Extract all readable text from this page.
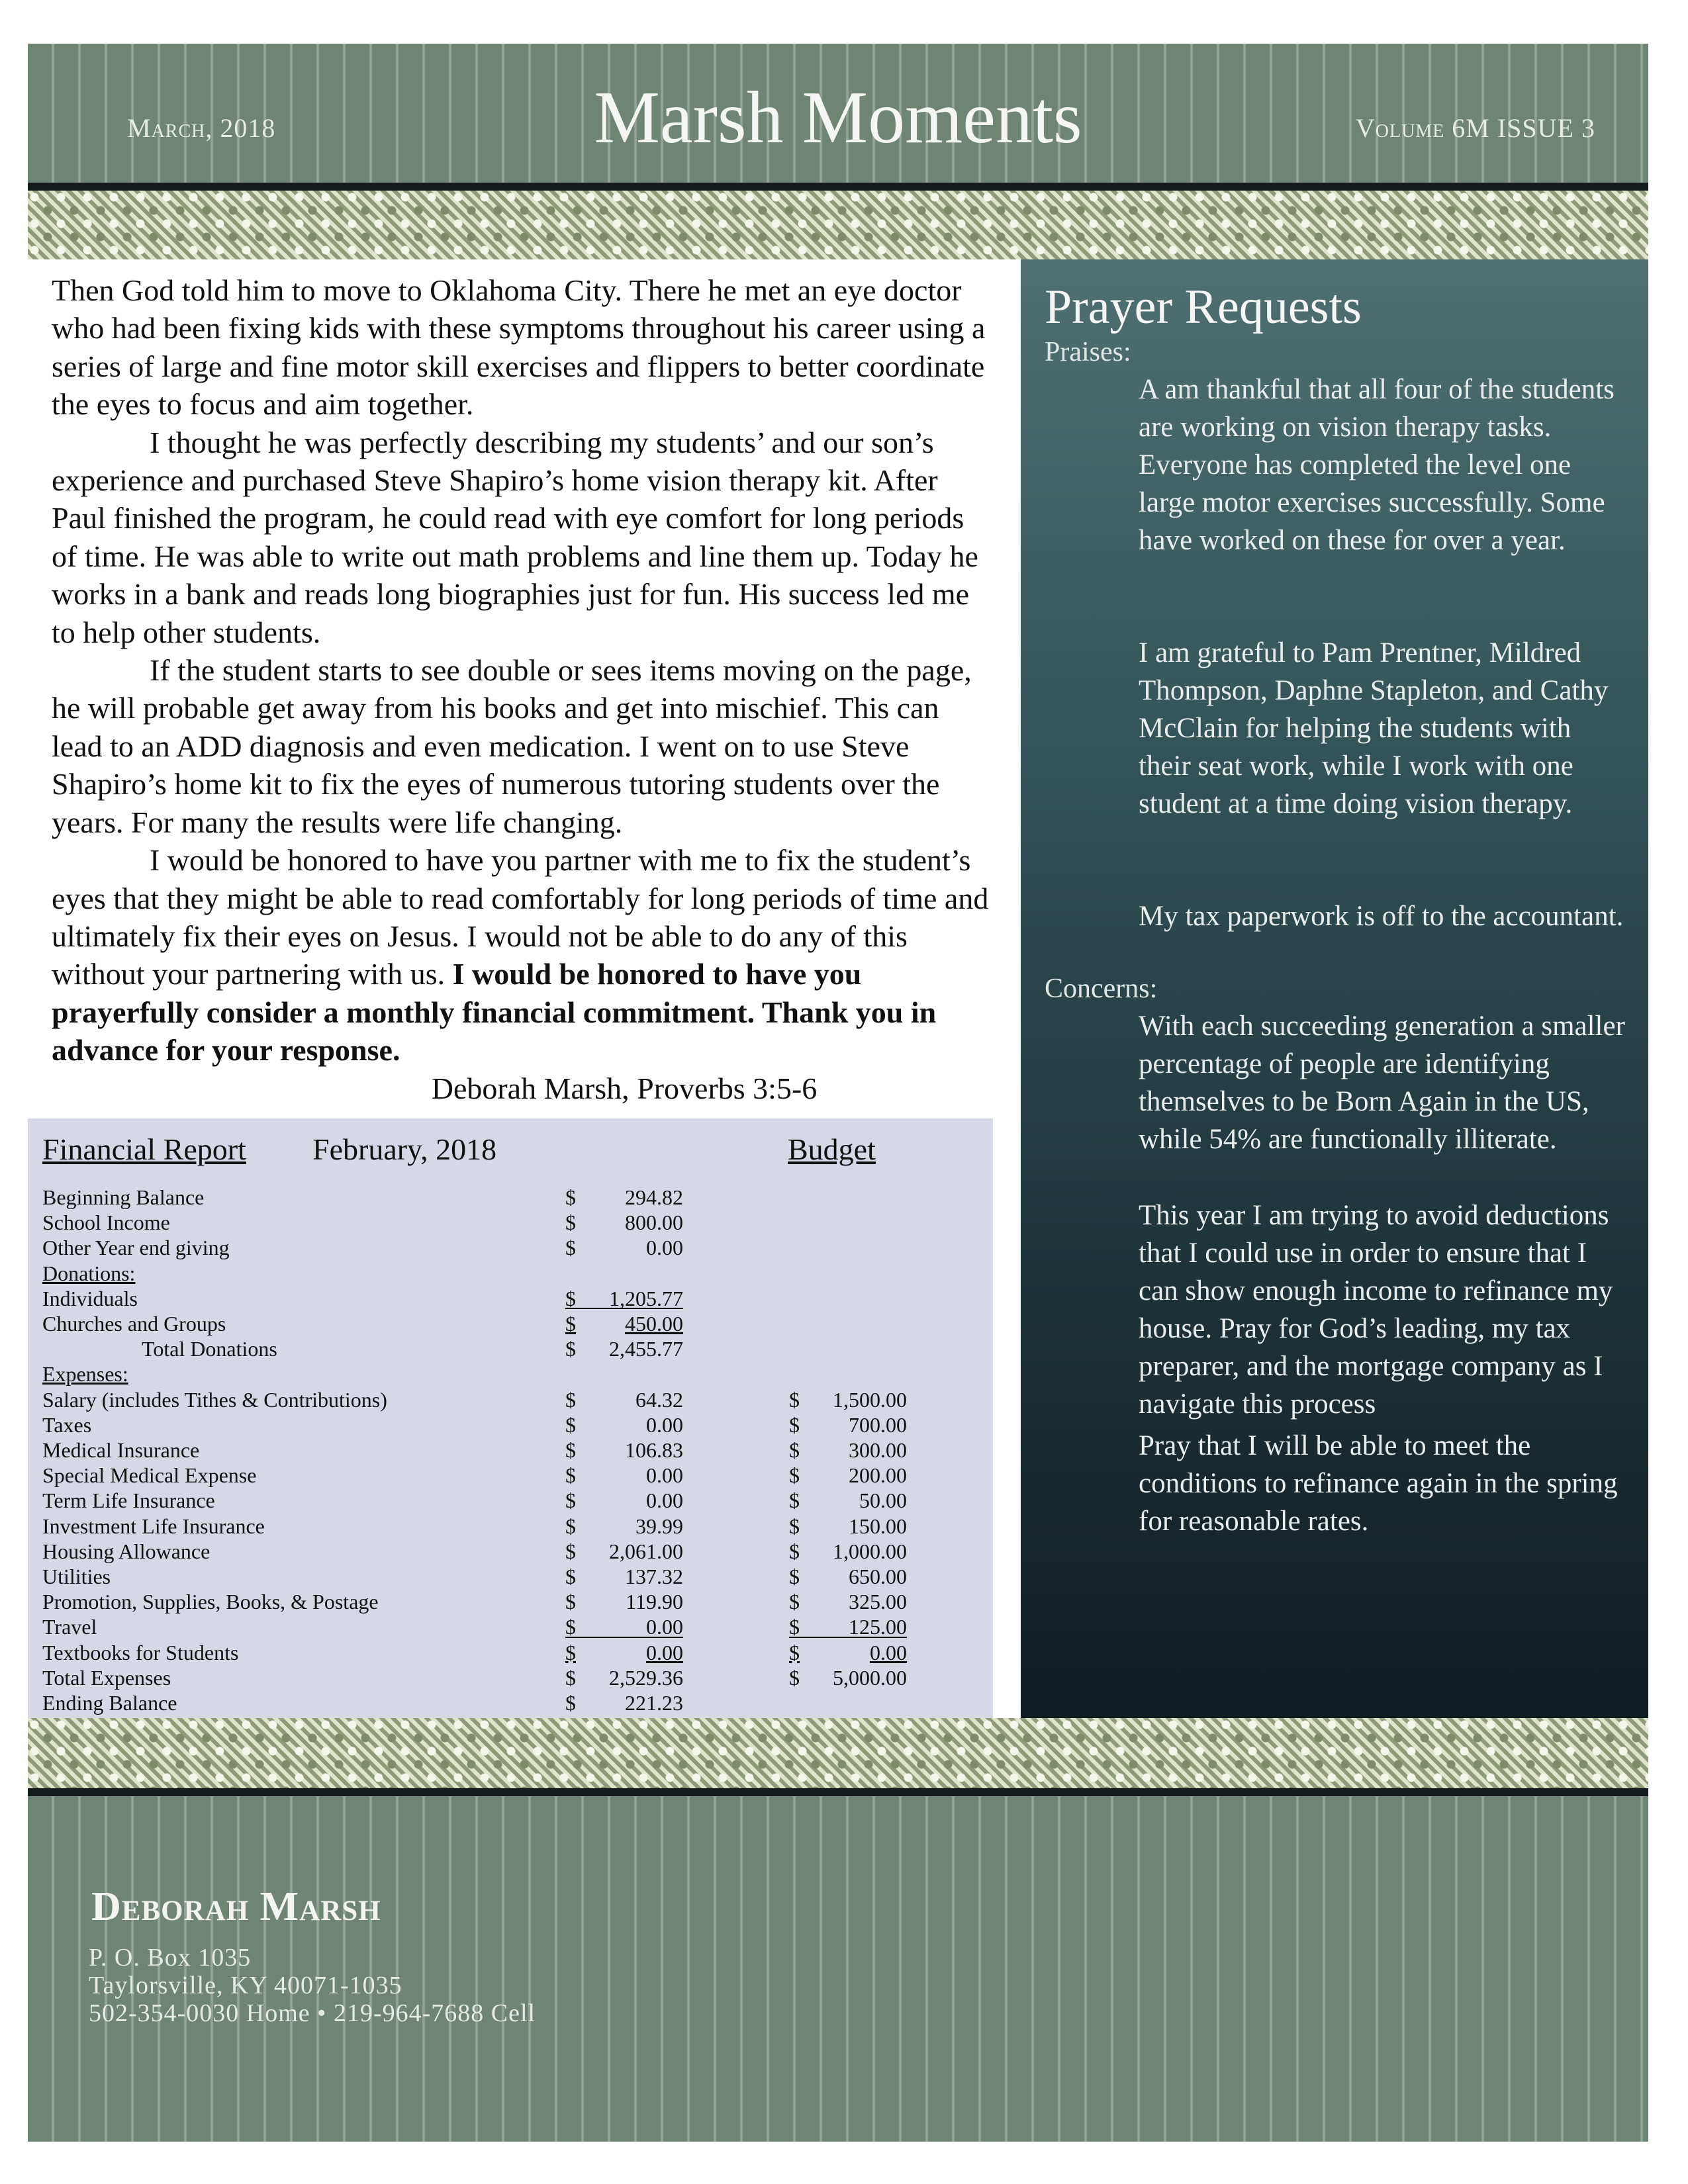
March, 2018	Marsh Moments	Volume 6M ISSUE 3

Then God told him to move to Oklahoma City. There he met an eye doctor who had been fixing kids with these symptoms throughout his career using a series of large and fine motor skill exercises and flippers to better coordinate the eyes to focus and aim together.

I thought he was perfectly describing my students’ and our son’s experience and purchased Steve Shapiro’s home vision therapy kit. After Paul finished the program, he could read with eye comfort for long periods of time. He was able to write out math problems and line them up. Today he works in a bank and reads long biographies just for fun. His success led me to help other students.

If the student starts to see double or sees items moving on the page, he will probable get away from his books and get into mischief. This can lead to an ADD diagnosis and even medication. I went on to use Steve Shapiro’s home kit to fix the eyes of numerous tutoring students over the years. For many the results were life changing.

I would be honored to have you partner with me to fix the student’s eyes that they might be able to read comfortably for long periods of time and ultimately fix their eyes on Jesus. I would not be able to do any of this without your partnering with us. I would be honored to have you prayerfully consider a monthly financial commitment. Thank you in advance for your response.

Deborah Marsh, Proverbs 3:5-6

Financial Report February, 2018	Budget
Beginning Balance	$ 294.82
School Income	$ 800.00
Other Year end giving	$	0.00
Donations:
Individuals	$ 1,205.77
Churches and Groups	$ 450.00
Total Donations	$ 2,455.77
Expenses:
Salary (includes Tithes & Contributions)	$	64.32	$ 1,500.00
Taxes	$	0.00	$ 700.00
Medical Insurance	$ 106.83	$ 300.00
Special Medical Expense	$	0.00	$ 200.00
Term Life Insurance	$	0.00	$	50.00
Investment Life Insurance	$	39.99	$ 150.00
Housing Allowance	$ 2,061.00	$ 1,000.00
Utilities	$ 137.32	$ 650.00
Promotion, Supplies, Books, & Postage	$ 119.90	$ 325.00
Travel	$	0.00	$ 125.00
Textbooks for Students	$	0.00	$	0.00
Total Expenses	$ 2,529.36	$ 5,000.00
Ending Balance	$ 221.23
Prayer Requests
Praises:
A am thankful that all four of the students are working on vision therapy tasks. Everyone has completed the level one large motor exercises successfully. Some have worked on these for over a year.
I am grateful to Pam Prentner, Mildred Thompson, Daphne Stapleton, and Cathy McClain for helping the students with their seat work, while I work with one student at a time doing vision therapy.
My tax paperwork is off to the accountant.
Concerns:
With each succeeding generation a smaller percentage of people are identifying themselves to be Born Again in the US, while 54% are functionally illiterate.
This year I am trying to avoid deductions that I could use in order to ensure that I can show enough income to refinance my house. Pray for God’s leading, my tax preparer, and the mortgage company as I navigate this process
Pray that I will be able to meet the conditions to refinance again in the spring for reasonable rates.
Deborah Marsh
P. O. Box 1035
Taylorsville, KY 40071-1035
502-354-0030 Home • 219-964-7688 Cell
